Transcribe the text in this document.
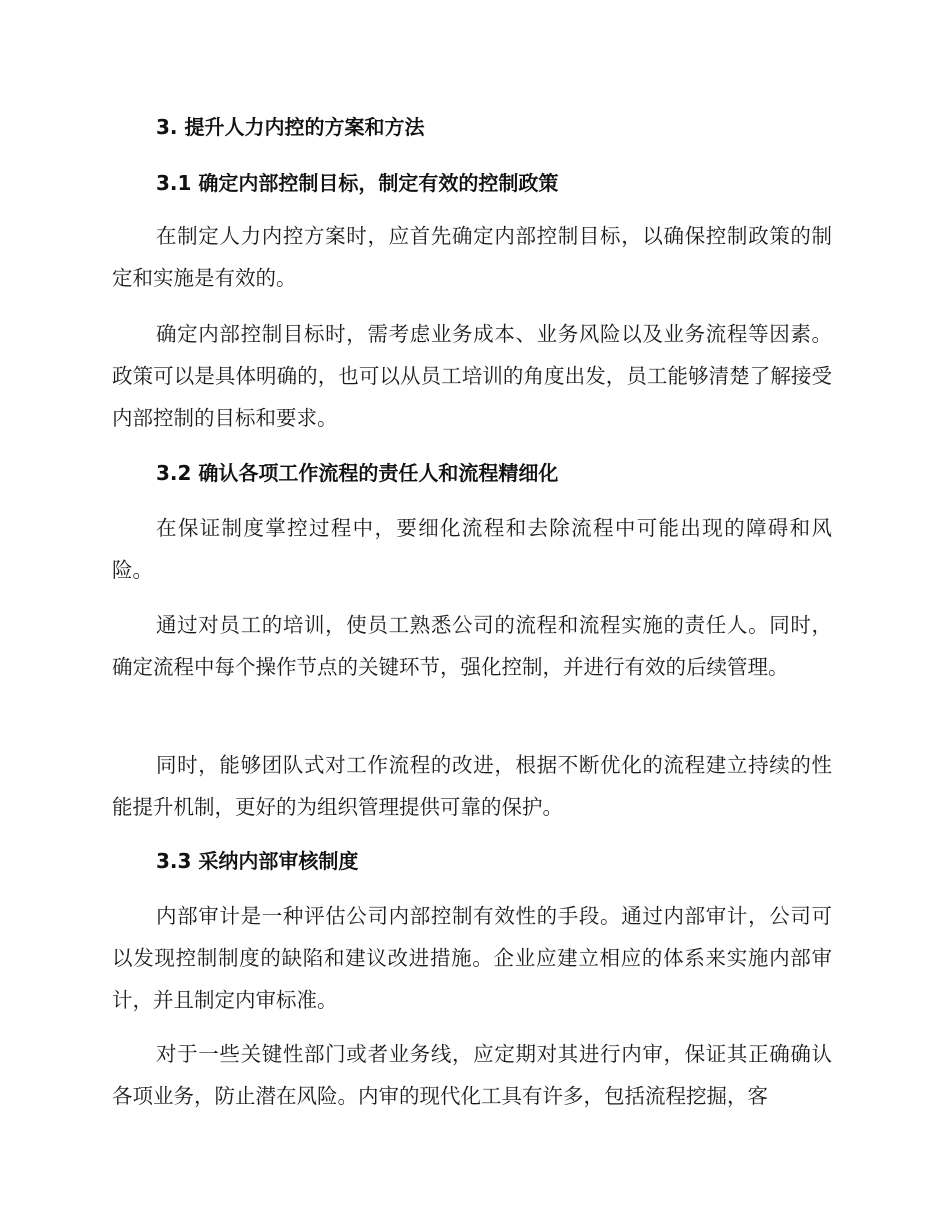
3. 提升人力内控的方案和方法
3.1 确定内部控制目标，制定有效的控制政策

在制定人力内控方案时，应首先确定内部控制目标，以确保控制政策的制定和实施是有效的。

确定内部控制目标时，需考虑业务成本、业务风险以及业务流程等因素。政策可以是具体明确的，也可以从员工培训的角度出发，员工能够清楚了解接受内部控制的目标和要求。

3.2 确认各项工作流程的责任人和流程精细化

在保证制度掌控过程中，要细化流程和去除流程中可能出现的障碍和风险。

通过对员工的培训，使员工熟悉公司的流程和流程实施的责任人。同时，确定流程中每个操作节点的关键环节，强化控制，并进行有效的后续管理。

同时，能够团队式对工作流程的改进，根据不断优化的流程建立持续的性能提升机制，更好的为组织管理提供可靠的保护。

3.3 采纳内部审核制度

内部审计是一种评估公司内部控制有效性的手段。通过内部审计，公司可以发现控制制度的缺陷和建议改进措施。企业应建立相应的体系来实施内部审计，并且制定内审标准。

对于一些关键性部门或者业务线，应定期对其进行内审，保证其正确确认各项业务，防止潜在风险。内审的现代化工具有许多，包括流程挖掘，客
